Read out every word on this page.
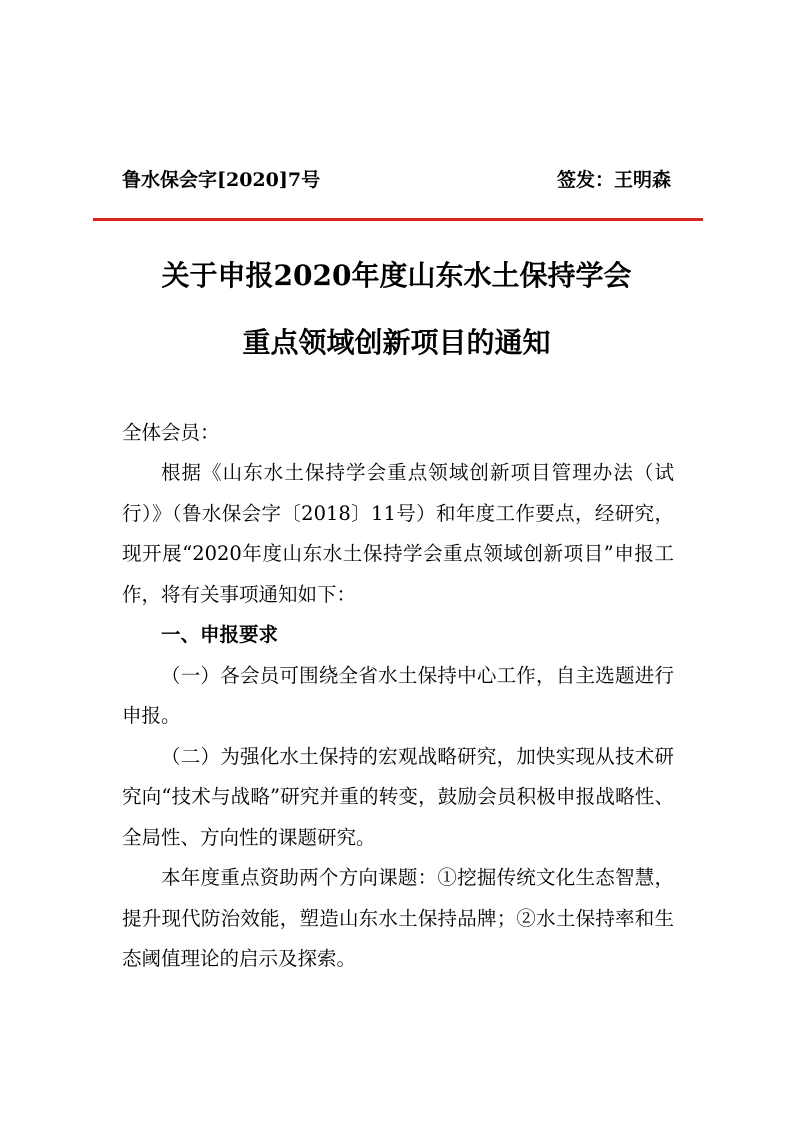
鲁水保会字[2020]7号	签发：王明森
关于申报2020年度山东水土保持学会
重点领域创新项目的通知
全体会员：

根据《山东水土保持学会重点领域创新项目管理办法（试行）》（鲁水保会字〔2018〕11号）和年度工作要点，经研究，现开展“2020年度山东水土保持学会重点领域创新项目”申报工作，将有关事项通知如下：

一、申报要求

（一）各会员可围绕全省水土保持中心工作，自主选题进行申报。

（二）为强化水土保持的宏观战略研究，加快实现从技术研究向“技术与战略”研究并重的转变，鼓励会员积极申报战略性、全局性、方向性的课题研究。

本年度重点资助两个方向课题：①挖掘传统文化生态智慧，提升现代防治效能，塑造山东水土保持品牌；②水土保持率和生态阈值理论的启示及探索。
